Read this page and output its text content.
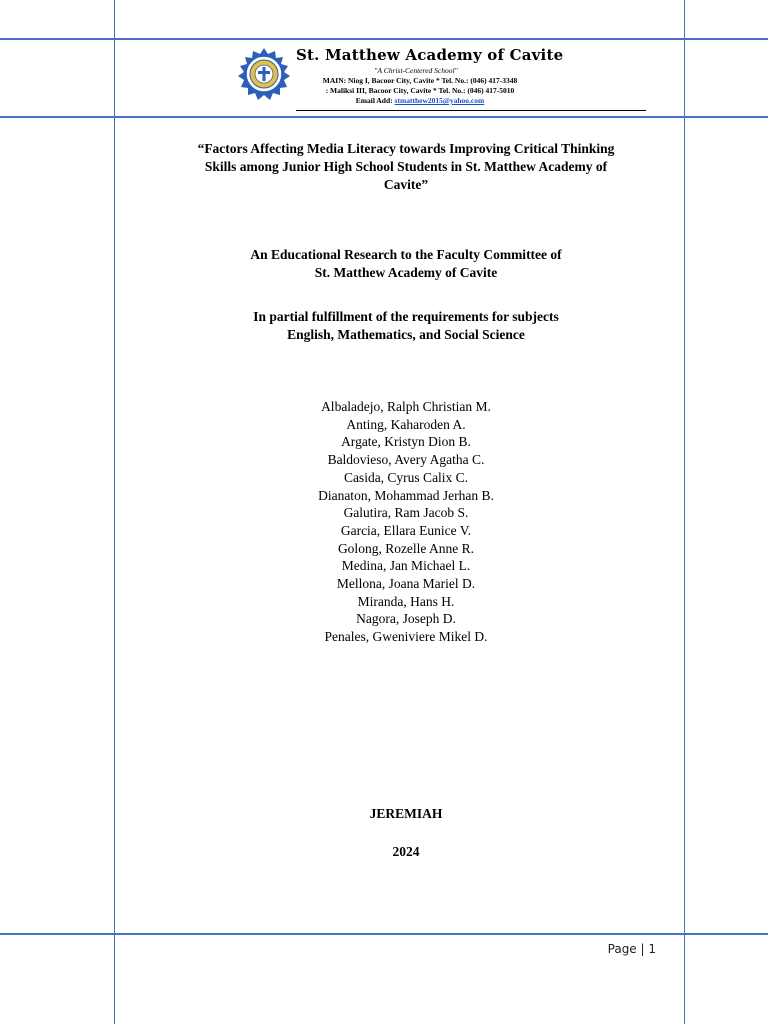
St. Matthew Academy of Cavite
"A Christ-Centered School"
MAIN: Niog I, Bacoor City, Cavite * Tel. No.: (046) 417-3348
: Maliksi III, Bacoor City, Cavite * Tel. No.: (046) 417-5010
Email Add: stmatthew2015@yahoo.com
“Factors Affecting Media Literacy towards Improving Critical Thinking
Skills among Junior High School Students in St. Matthew Academy of
Cavite”
An Educational Research to the Faculty Committee of
St. Matthew Academy of Cavite
In partial fulfillment of the requirements for subjects
English, Mathematics, and Social Science
Albaladejo, Ralph Christian M.
Anting, Kaharoden A.
Argate, Kristyn Dion B.
Baldovieso, Avery Agatha C.
Casida, Cyrus Calix C.
Dianaton, Mohammad Jerhan B.
Galutira, Ram Jacob S.
Garcia, Ellara Eunice V.
Golong, Rozelle Anne R.
Medina, Jan Michael L.
Mellona, Joana Mariel D.
Miranda, Hans H.
Nagora, Joseph D.
Penales, Gweniviere Mikel D.
JEREMIAH
2024
Page | 1
